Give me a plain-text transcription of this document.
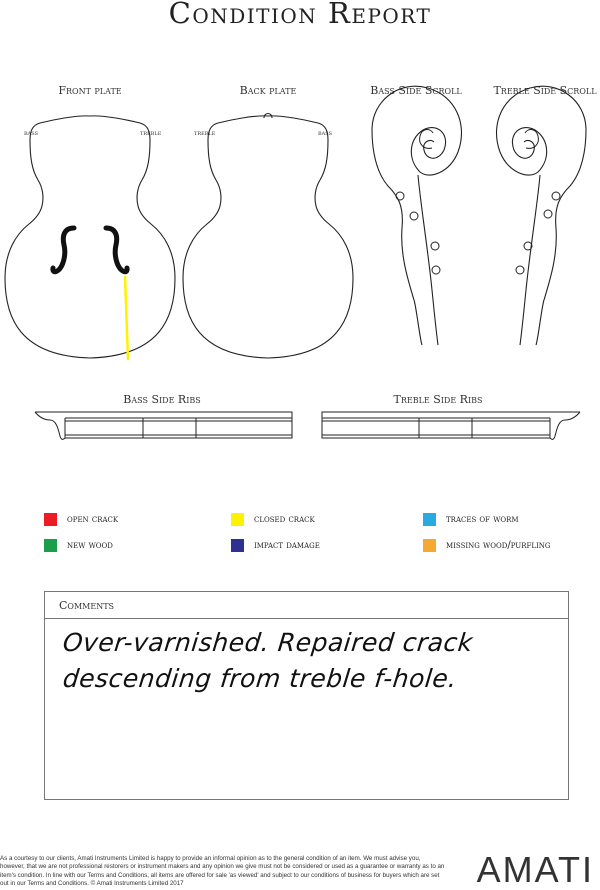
Condition Report
Front plate	Back plate	Bass Side Scroll	Treble Side Scroll
bass	treble	treble	bass
Bass Side Ribs	Treble Side Ribs
open crack	closed crack	traces of worm
new wood	impact damage	missing wood/purfling
Comments
Over-varnished. Repaired crack
descending from treble f-hole.
As a courtesy to our clients, Amati Instruments Limited is happy to provide an informal opinion as to the general condition of an item. We must advise you, however, that we are not professional restorers or instrument makers and any opinion we give must not be considered or used as a guarantee or warranty as to an item's condition. In line with our Terms and Conditions, all items are offered for sale 'as viewed' and subject to our conditions of business for buyers which are set out in our Terms and Conditions. © Amati Instruments Limited 2017	AMATI
